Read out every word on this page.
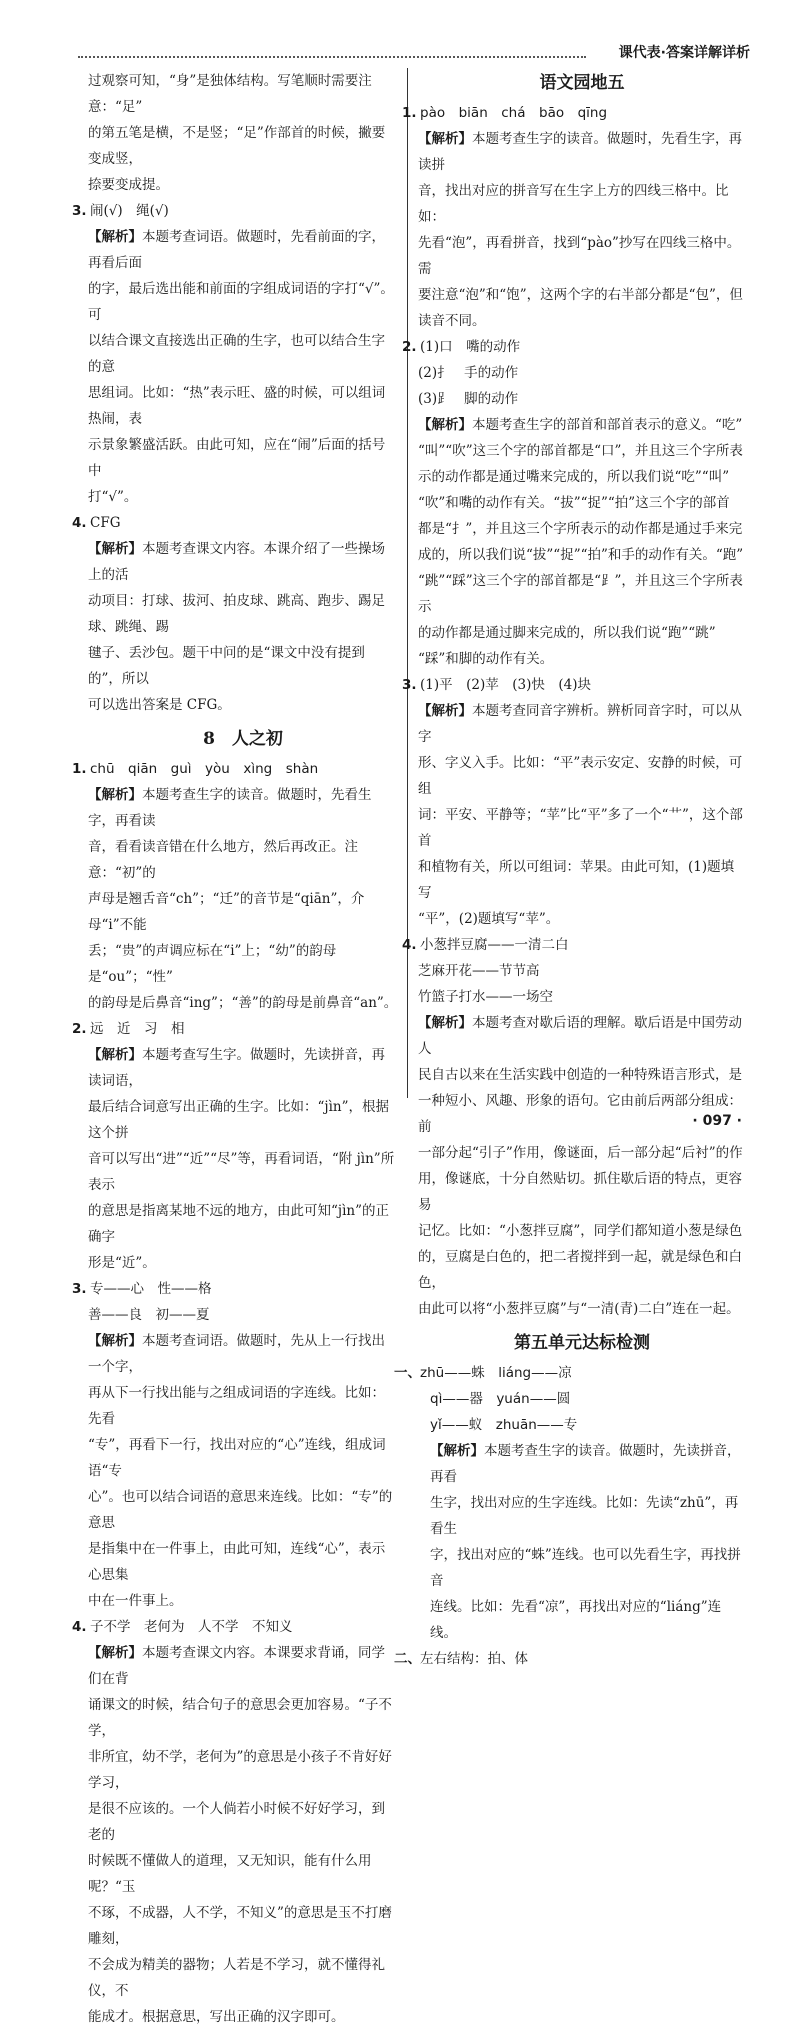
课代表·答案详解详析

过观察可知，“身”是独体结构。写笔顺时需要注意：“足”

的第五笔是横，不是竖；“足”作部首的时候，撇要变成竖，

捺要变成提。

3. 闹(√)　绳(√)

【解析】本题考查词语。做题时，先看前面的字，再看后面

的字，最后选出能和前面的字组成词语的字打“√”。可

以结合课文直接选出正确的生字，也可以结合生字的意

思组词。比如：“热”表示旺、盛的时候，可以组词热闹，表

示景象繁盛活跃。由此可知，应在“闹”后面的括号中

打“√”。

4. CFG

【解析】本题考查课文内容。本课介绍了一些操场上的活

动项目：打球、拔河、拍皮球、跳高、跑步、踢足球、跳绳、踢

毽子、丢沙包。题干中问的是“课文中没有提到的”，所以

可以选出答案是 CFG。

8　人之初
1. chū　qiān　guì　yòu　xìng　shàn

【解析】本题考查生字的读音。做题时，先看生字，再看读

音，看看读音错在什么地方，然后再改正。注意：“初”的

声母是翘舌音“ch”；“迁”的音节是“qiān”，介母“i”不能

丢；“贵”的声调应标在“i”上；“幼”的韵母是“ou”；“性”

的韵母是后鼻音“ing”；“善”的韵母是前鼻音“an”。

2. 远　近　习　相

【解析】本题考查写生字。做题时，先读拼音，再读词语，

最后结合词意写出正确的生字。比如：“jìn”，根据这个拼

音可以写出“进”“近”“尽”等，再看词语，“附 jìn”所表示

的意思是指离某地不远的地方，由此可知“jìn”的正确字

形是“近”。

3. 专——心　性——格

善——良　初——夏

【解析】本题考查词语。做题时，先从上一行找出一个字，

再从下一行找出能与之组成词语的字连线。比如：先看

“专”，再看下一行，找出对应的“心”连线，组成词语“专

心”。也可以结合词语的意思来连线。比如：“专”的意思

是指集中在一件事上，由此可知，连线“心”，表示心思集

中在一件事上。

4. 子不学　老何为　人不学　不知义

【解析】本题考查课文内容。本课要求背诵，同学们在背

诵课文的时候，结合句子的意思会更加容易。“子不学，

非所宜，幼不学，老何为”的意思是小孩子不肯好好学习，

是很不应该的。一个人倘若小时候不好好学习，到老的

时候既不懂做人的道理，又无知识，能有什么用呢？“玉

不琢，不成器，人不学，不知义”的意思是玉不打磨雕刻，

不会成为精美的器物；人若是不学习，就不懂得礼仪，不

能成才。根据意思，写出正确的汉字即可。

语文园地五
1. pào　biān　chá　bāo　qīng

【解析】本题考查生字的读音。做题时，先看生字，再读拼

音，找出对应的拼音写在生字上方的四线三格中。比如：

先看“泡”，再看拼音，找到“pào”抄写在四线三格中。需

要注意“泡”和“饱”，这两个字的右半部分都是“包”，但

读音不同。

2. (1)口　嘴的动作

(2)扌　手的动作

(3)⻊　脚的动作

【解析】本题考查生字的部首和部首表示的意义。“吃”

“叫”“吹”这三个字的部首都是“口”，并且这三个字所表

示的动作都是通过嘴来完成的，所以我们说“吃”“叫”

“吹”和嘴的动作有关。“拔”“捉”“拍”这三个字的部首

都是“扌”，并且这三个字所表示的动作都是通过手来完

成的，所以我们说“拔”“捉”“拍”和手的动作有关。“跑”

“跳”“踩”这三个字的部首都是“⻊”，并且这三个字所表示

的动作都是通过脚来完成的，所以我们说“跑”“跳”

“踩”和脚的动作有关。

3. (1)平　(2)苹　(3)快　(4)块

【解析】本题考查同音字辨析。辨析同音字时，可以从字

形、字义入手。比如：“平”表示安定、安静的时候，可组

词：平安、平静等；“苹”比“平”多了一个“艹”，这个部首

和植物有关，所以可组词：苹果。由此可知，(1)题填写

“平”，(2)题填写“苹”。

4. 小葱拌豆腐——一清二白

芝麻开花——节节高

竹篮子打水——一场空

【解析】本题考查对歇后语的理解。歇后语是中国劳动人

民自古以来在生活实践中创造的一种特殊语言形式，是

一种短小、风趣、形象的语句。它由前后两部分组成：前

一部分起“引子”作用，像谜面，后一部分起“后衬”的作

用，像谜底，十分自然贴切。抓住歇后语的特点，更容易

记忆。比如：“小葱拌豆腐”，同学们都知道小葱是绿色

的，豆腐是白色的，把二者搅拌到一起，就是绿色和白色，

由此可以将“小葱拌豆腐”与“一清(青)二白”连在一起。

第五单元达标检测
一、 zhū——蛛　liáng——凉

qì——器　yuán——圆

yǐ——蚁　zhuān——专

【解析】本题考查生字的读音。做题时，先读拼音，再看

生字，找出对应的生字连线。比如：先读“zhū”，再看生

字，找出对应的“蛛”连线。也可以先看生字，再找拼音

连线。比如：先看“凉”，再找出对应的“liáng”连线。

二、 左右结构：拍、体
· 097 ·
